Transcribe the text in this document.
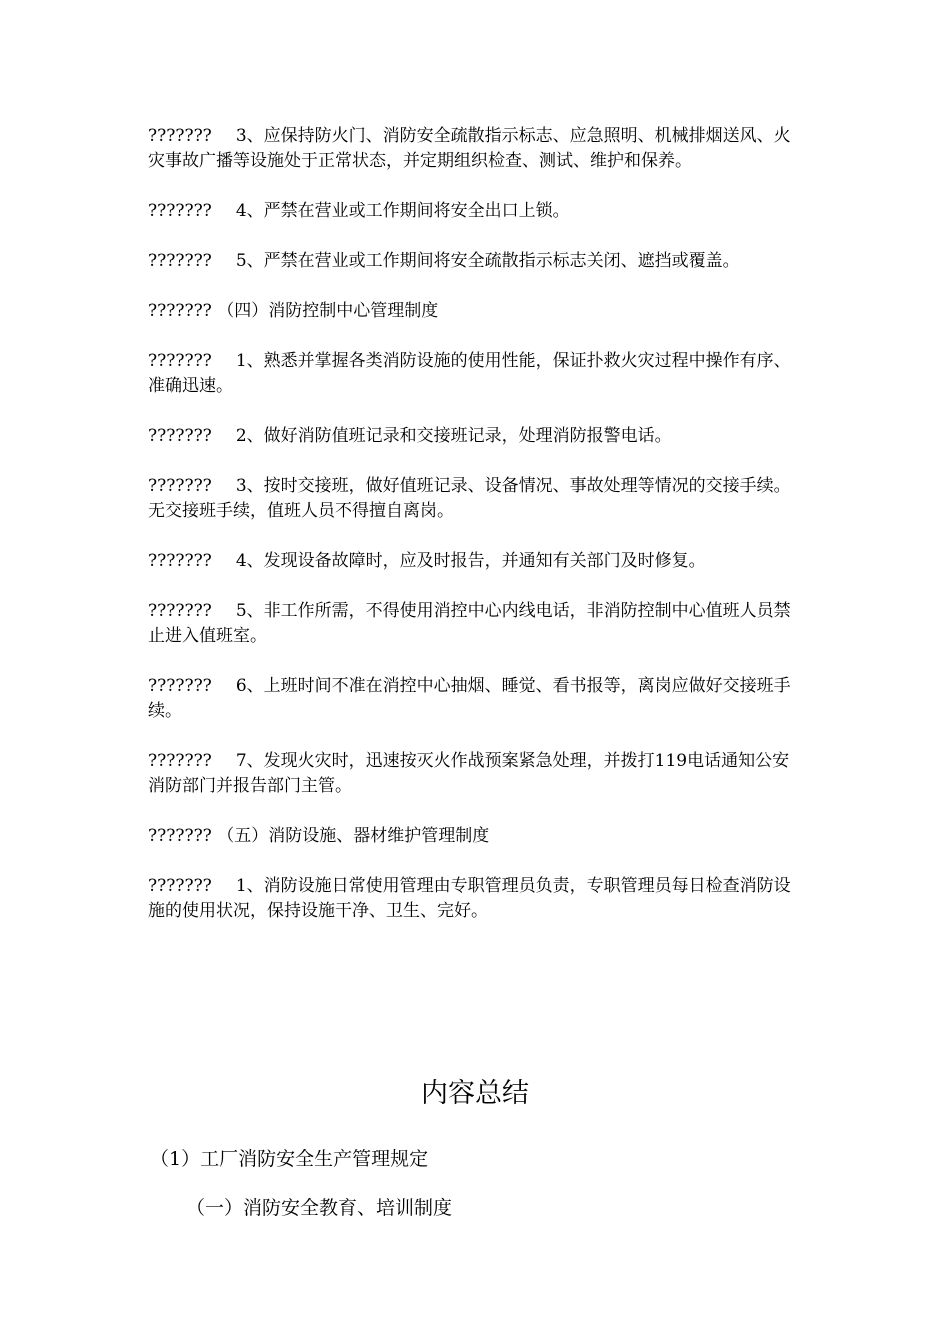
??????? 3、应保持防火门、消防安全疏散指示标志、应急照明、机械排烟送风、火灾事故广播等设施处于正常状态，并定期组织检查、测试、维护和保养。

??????? 4、严禁在营业或工作期间将安全出口上锁。

??????? 5、严禁在营业或工作期间将安全疏散指示标志关闭、遮挡或覆盖。

??????? （四）消防控制中心管理制度

??????? 1、熟悉并掌握各类消防设施的使用性能，保证扑救火灾过程中操作有序、准确迅速。

??????? 2、做好消防值班记录和交接班记录，处理消防报警电话。

??????? 3、按时交接班，做好值班记录、设备情况、事故处理等情况的交接手续。无交接班手续，值班人员不得擅自离岗。

??????? 4、发现设备故障时，应及时报告，并通知有关部门及时修复。

??????? 5、非工作所需，不得使用消控中心内线电话，非消防控制中心值班人员禁止进入值班室。

??????? 6、上班时间不准在消控中心抽烟、睡觉、看书报等，离岗应做好交接班手续。

??????? 7、发现火灾时，迅速按灭火作战预案紧急处理，并拨打119电话通知公安消防部门并报告部门主管。

??????? （五）消防设施、器材维护管理制度

??????? 1、消防设施日常使用管理由专职管理员负责，专职管理员每日检查消防设施的使用状况，保持设施干净、卫生、完好。

内容总结

（1）工厂消防安全生产管理规定

（一）消防安全教育、培训制度
